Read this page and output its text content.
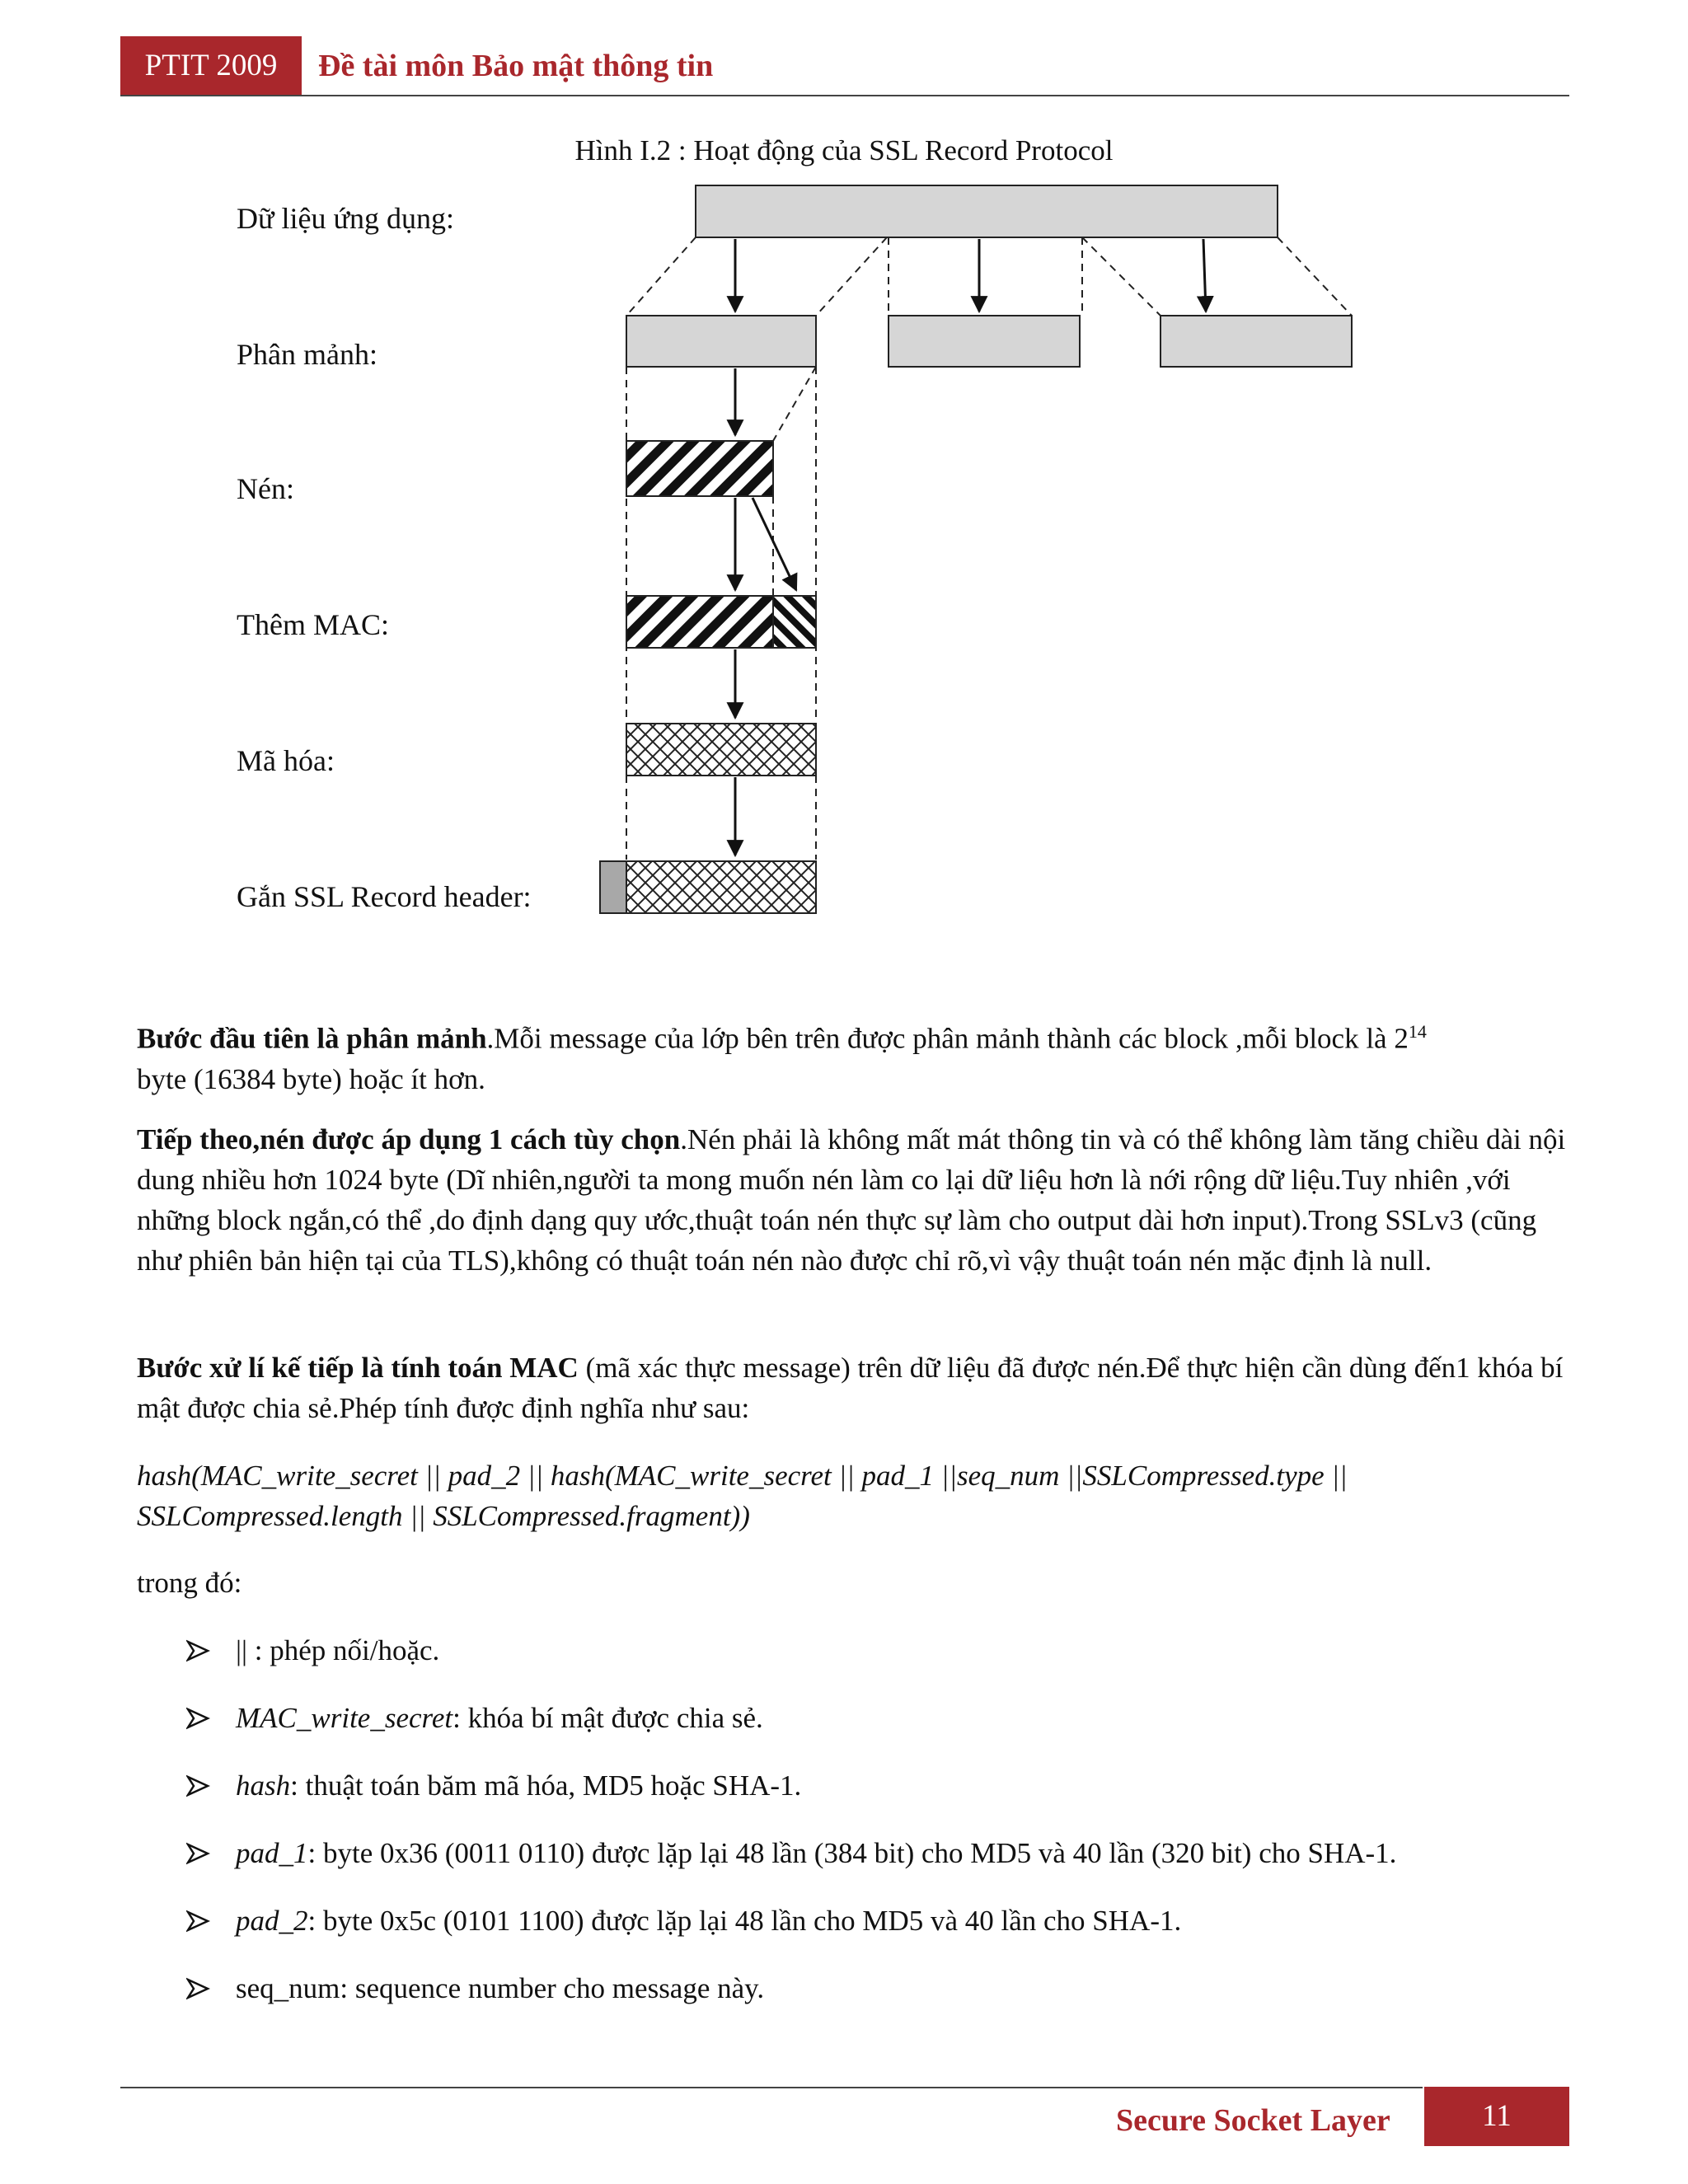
PTIT 2009	Đề tài môn Bảo mật thông tin
Hình I.2 : Hoạt động của SSL Record Protocol
Dữ liệu ứng dụng:
Phân mảnh:
Nén:
Thêm MAC:
Mã hóa:
Gắn SSL Record header:
Bước đầu tiên là phân mảnh.Mỗi message của lớp bên trên được phân mảnh thành các block ,mỗi block là $2^{14}$
byte (16384 byte) hoặc ít hơn.
Tiếp theo,nén được áp dụng 1 cách tùy chọn.Nén phải là không mất mát thông tin và có thể không làm tăng chiều dài nội dung nhiều hơn 1024 byte (Dĩ nhiên,người ta mong muốn nén làm co lại dữ liệu hơn là nới rộng dữ liệu.Tuy nhiên ,với những block ngắn,có thể ,do định dạng quy ước,thuật toán nén thực sự làm cho output dài hơn input).Trong SSLv3 (cũng như phiên bản hiện tại của TLS),không có thuật toán nén nào được chỉ rõ,vì vậy thuật toán nén mặc định là null.
Bước xử lí kế tiếp là tính toán MAC (mã xác thực message) trên dữ liệu đã được nén.Để thực hiện cần dùng đến1 khóa bí mật được chia sẻ.Phép tính được định nghĩa như sau:
hash(MAC_write_secret || pad_2 || hash(MAC_write_secret || pad_1 ||seq_num ||SSLCompressed.type ||
SSLCompressed.length || SSLCompressed.fragment))
trong đó:
|| : phép nối/hoặc.
MAC_write_secret: khóa bí mật được chia sẻ.
hash: thuật toán băm mã hóa, MD5 hoặc SHA-1.
pad_1: byte 0x36 (0011 0110) được lặp lại 48 lần (384 bit) cho MD5 và 40 lần (320 bit) cho SHA-1.
pad_2: byte 0x5c (0101 1100) được lặp lại 48 lần cho MD5 và 40 lần cho SHA-1.
seq_num: sequence number cho message này.
Secure Socket Layer	11
